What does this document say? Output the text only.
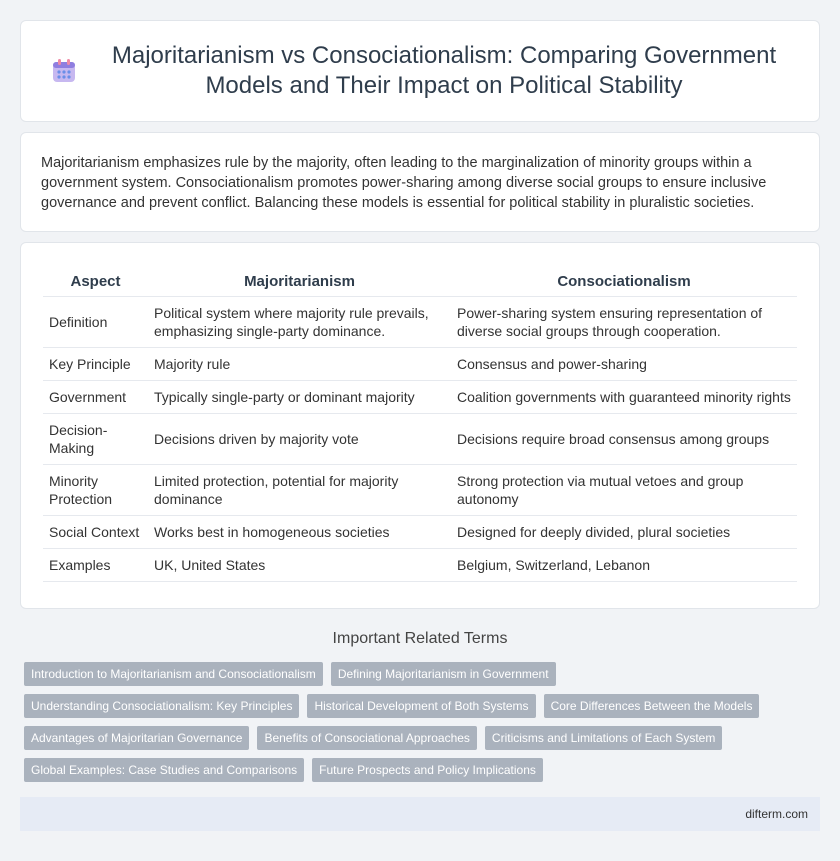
Majoritarianism vs Consociationalism: Comparing Government Models and Their Impact on Political Stability

Majoritarianism emphasizes rule by the majority, often leading to the marginalization of minority groups within a government system. Consociationalism promotes power-sharing among diverse social groups to ensure inclusive governance and prevent conflict. Balancing these models is essential for political stability in pluralistic societies.

Aspect	Majoritarianism	Consociationalism
Definition	Political system where majority rule prevails, emphasizing single-party dominance.	Power-sharing system ensuring representation of diverse social groups through cooperation.
Key Principle	Majority rule	Consensus and power-sharing
Government	Typically single-party or dominant majority	Coalition governments with guaranteed minority rights
Decision-Making	Decisions driven by majority vote	Decisions require broad consensus among groups
Minority Protection	Limited protection, potential for majority dominance	Strong protection via mutual vetoes and group autonomy
Social Context	Works best in homogeneous societies	Designed for deeply divided, plural societies
Examples	UK, United States	Belgium, Switzerland, Lebanon
Important Related Terms
Introduction to Majoritarianism and Consociationalism	Defining Majoritarianism in Government
Understanding Consociationalism: Key Principles	Historical Development of Both Systems	Core Differences Between the Models
Advantages of Majoritarian Governance	Benefits of Consociational Approaches	Criticisms and Limitations of Each System
Global Examples: Case Studies and Comparisons	Future Prospects and Policy Implications
difterm.com
